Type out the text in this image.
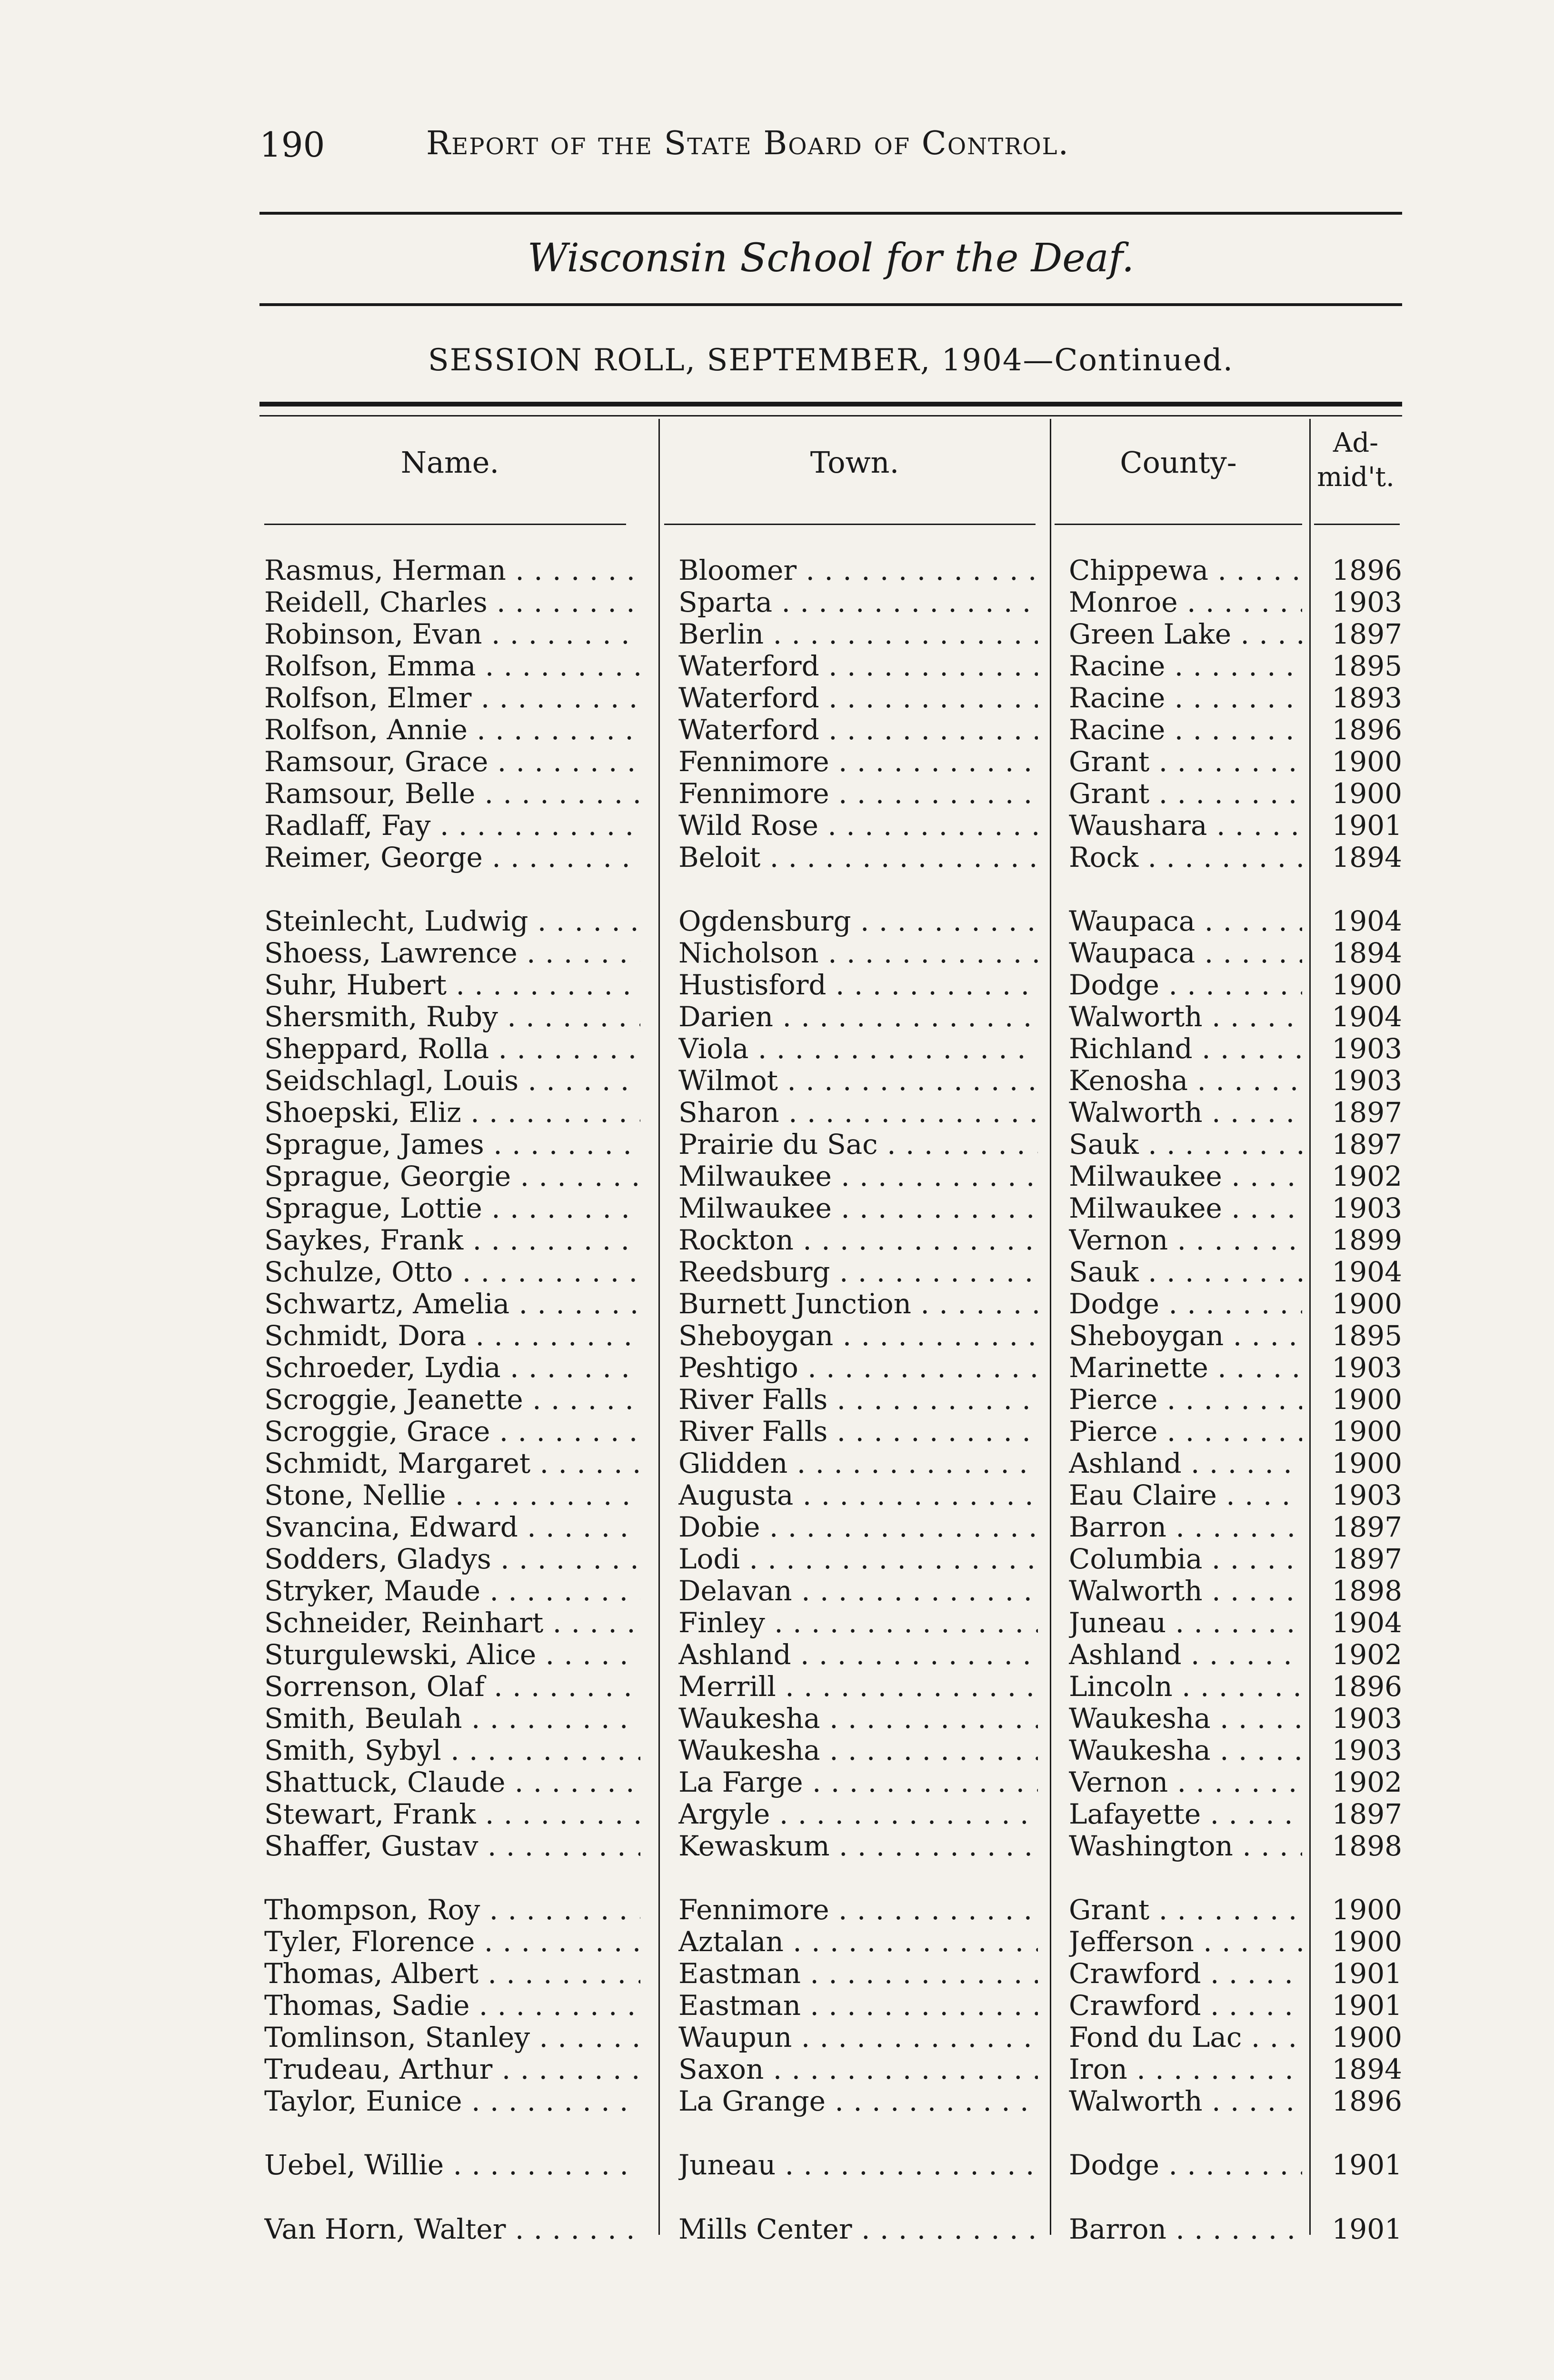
190	Report of the State Board of Control.
Wisconsin School for the Deaf.
SESSION ROLL, SEPTEMBER, 1904—Continued.
Name.	Town.	County-
Ad-
mid't.
Rasmus, Herman . . .	Bloomer . . .	Chippewa . . .	1896
Reidell, Charles . . .	Sparta . . .	Monroe . . .	1903
Robinson, Evan . . .	Berlin . . .	Green Lake . . .	1897
Rolfson, Emma . . .	Waterford . . .	Racine . . .	1895
Rolfson, Elmer . . .	Waterford . . .	Racine . . .	1893
Rolfson, Annie . . .	Waterford . . .	Racine . . .	1896
Ramsour, Grace . . .	Fennimore . . .	Grant . . .	1900
Ramsour, Belle . . .	Fennimore . . .	Grant . . .	1900
Radlaff, Fay . . .	Wild Rose . . .	Waushara . . .	1901
Reimer, George . . .	Beloit . . .	Rock . . .	1894
Steinlecht, Ludwig . . .	Ogdensburg . . .	Waupaca . . .	1904
Shoess, Lawrence . . .	Nicholson . . .	Waupaca . . .	1894
Suhr, Hubert . . .	Hustisford . . .	Dodge . . .	1900
Shersmith, Ruby . . .	Darien . . .	Walworth . . .	1904
Sheppard, Rolla . . .	Viola . . .	Richland . . .	1903
Seidschlagl, Louis . . .	Wilmot . . .	Kenosha . . .	1903
Shoepski, Eliz . . .	Sharon . . .	Walworth . . .	1897
Sprague, James . . .	Prairie du Sac . . .	Sauk . . .	1897
Sprague, Georgie . . .	Milwaukee . . .	Milwaukee . . .	1902
Sprague, Lottie . . .	Milwaukee . . .	Milwaukee . . .	1903
Saykes, Frank . . .	Rockton . . .	Vernon . . .	1899
Schulze, Otto . . .	Reedsburg . . .	Sauk . . .	1904
Schwartz, Amelia . . .	Burnett Junction . . .	Dodge . . .	1900
Schmidt, Dora . . .	Sheboygan . . .	Sheboygan . . .	1895
Schroeder, Lydia . . .	Peshtigo . . .	Marinette . . .	1903
Scroggie, Jeanette . . .	River Falls . . .	Pierce . . .	1900
Scroggie, Grace . . .	River Falls . . .	Pierce . . .	1900
Schmidt, Margaret . . .	Glidden . . .	Ashland . . .	1900
Stone, Nellie . . .	Augusta . . .	Eau Claire . . .	1903
Svancina, Edward . . .	Dobie . . .	Barron . . .	1897
Sodders, Gladys . . .	Lodi . . .	Columbia . . .	1897
Stryker, Maude . . .	Delavan . . .	Walworth . . .	1898
Schneider, Reinhart . . .	Finley . . .	Juneau . . .	1904
Sturgulewski, Alice . . .	Ashland . . .	Ashland . . .	1902
Sorrenson, Olaf . . .	Merrill . . .	Lincoln . . .	1896
Smith, Beulah . . .	Waukesha . . .	Waukesha . . .	1903
Smith, Sybyl . . .	Waukesha . . .	Waukesha . . .	1903
Shattuck, Claude . . .	La Farge . . .	Vernon . . .	1902
Stewart, Frank . . .	Argyle . . .	Lafayette . . .	1897
Shaffer, Gustav . . .	Kewaskum . . .	Washington . . .	1898
Thompson, Roy . . .	Fennimore . . .	Grant . . .	1900
Tyler, Florence . . .	Aztalan . . .	Jefferson . . .	1900
Thomas, Albert . . .	Eastman . . .	Crawford . . .	1901
Thomas, Sadie . . .	Eastman . . .	Crawford . . .	1901
Tomlinson, Stanley . . .	Waupun . . .	Fond du Lac . . .	1900
Trudeau, Arthur . . .	Saxon . . .	Iron . . .	1894
Taylor, Eunice . . .	La Grange . . .	Walworth . . .	1896
Uebel, Willie . . .	Juneau . . .	Dodge . . .	1901
Van Horn, Walter . . .	Mills Center . . .	Barron . . .	1901
